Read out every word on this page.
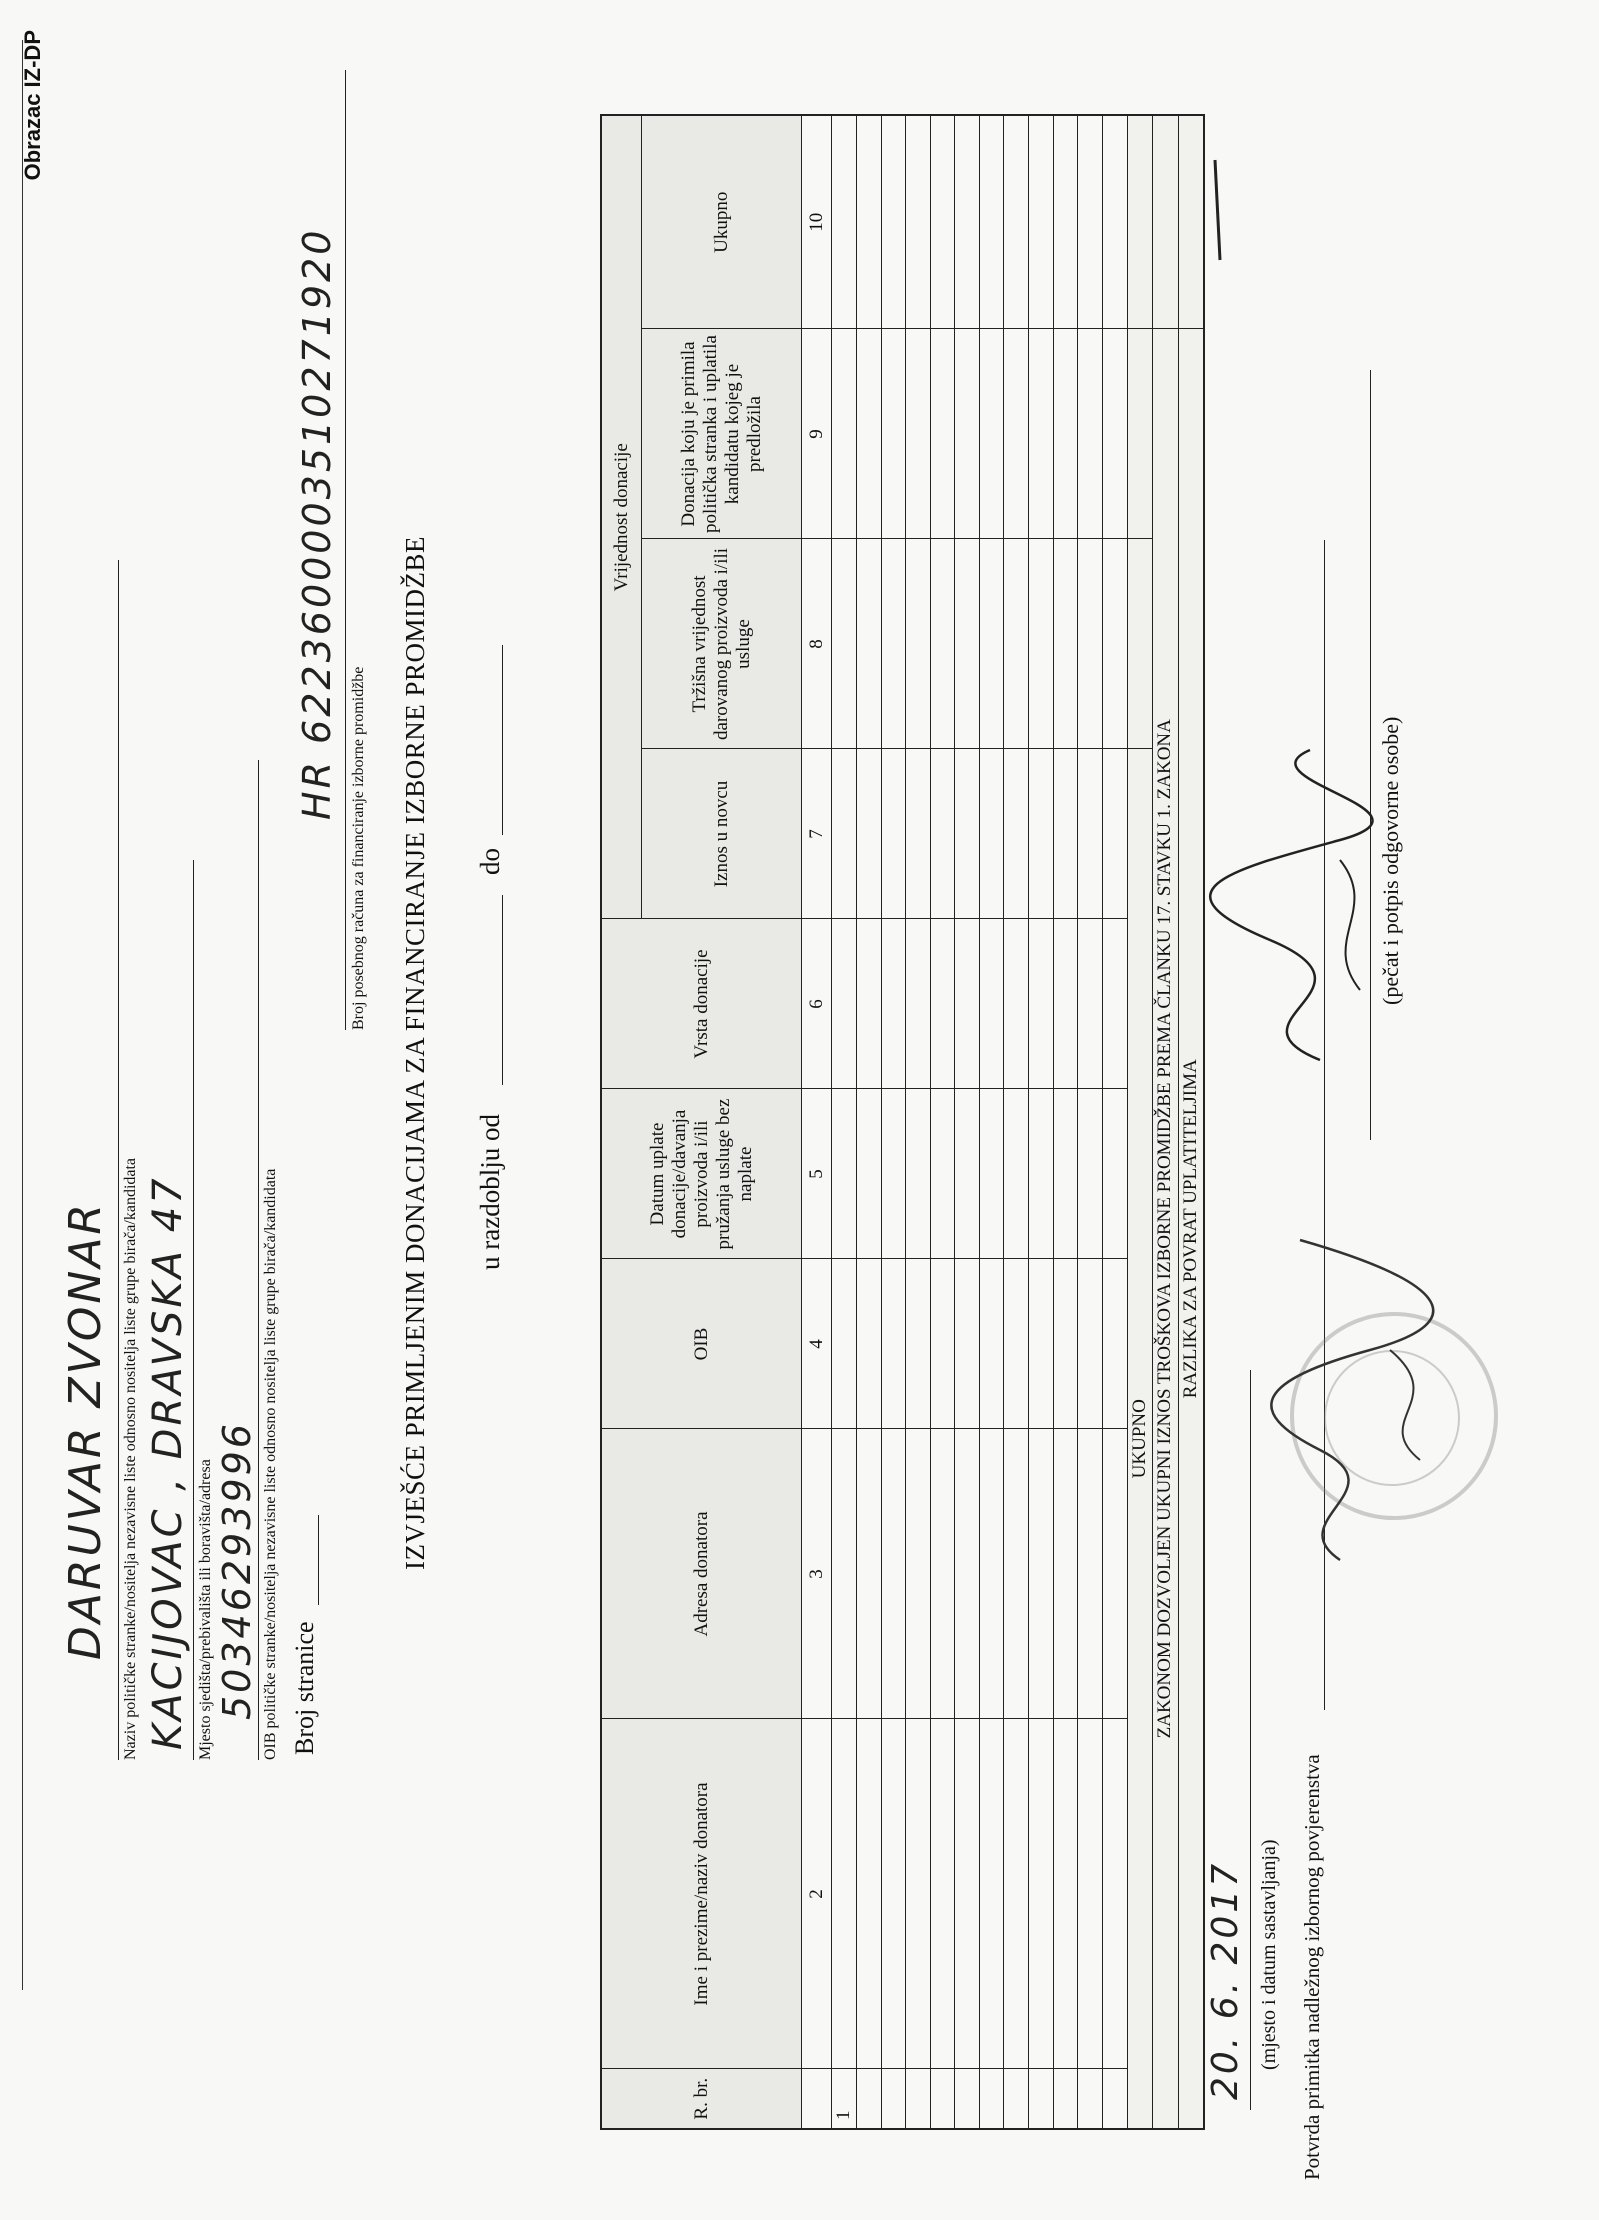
Obrazac IZ-DP
DARUVAR ZVONAR Naziv političke stranke/nositelja nezavisne liste odnosno nositelja liste grupe birača/kandidata KACIJOVAC , DRAVSKA 47 Mjesto sjedišta/prebivališta ili boravišta/adresa 50346293996 OIB političke stranke/nositelja nezavisne liste odnosno nositelja liste grupe birača/kandidata Broj stranice
HR 6223600003510271920
Broj posebnog računa za financiranje izborne promidžbe IZVJEŠĆE PRIMLJENIM DONACIJAMA ZA FINANCIRANJE IZBORNE PROMIDŽBE u razdoblju od
do
R. br.	Ime i prezime/naziv donatora	Adresa donatora	OIB	Datum uplate donacije/davanja proizvoda i/ili pružanja usluge bez naplate	Vrsta donacije	Vrijednost donacije			
						Iznos u novcu	Tržišna vrijednost darovanog proizvoda i/ili usluge	Donacija koju je primila politička stranka i uplatila kandidatu kojeg je predložila	Ukupno
	2	3	4	5	6	7	8	9	10
1									

UKUPNO									
ZAKONOM DOZVOLJEN UKUPNI IZNOS TROŠKOVA IZBORNE PROMIDŽBE PREMA ČLANKU 17. STAVKU 1. ZAKONA									
RAZLIKA ZA POVRAT UPLATITELJIMA									
20. 6. 2017 (mjesto i datum sastavljanja) Potvrda primitka nadležnog izbornog povjerenstva
(pečat i potpis odgovorne osobe)
